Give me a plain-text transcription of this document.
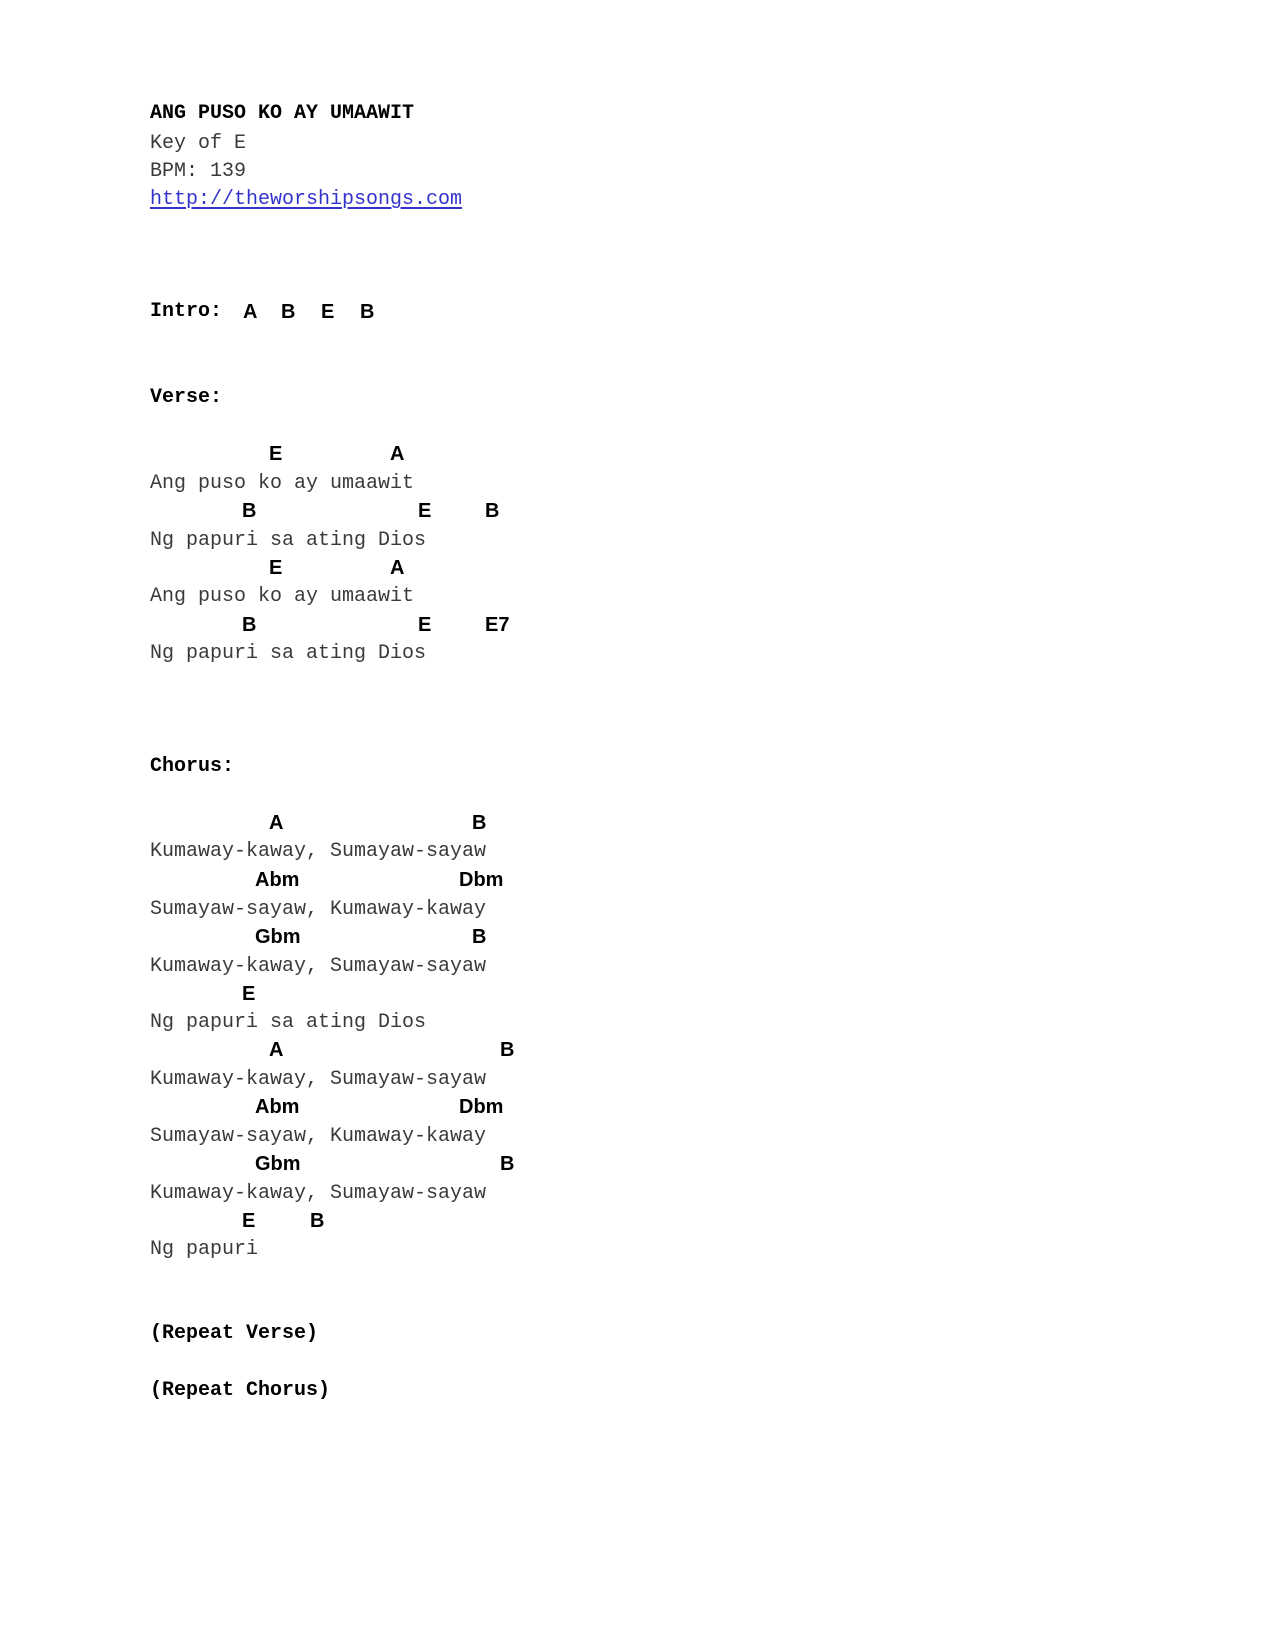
ANG PUSO KO AY UMAAWIT

Key of E

BPM: 139

http://theworshipsongs.com

Intro: A B E B

Verse:

E	A

Ang puso ko ay umaawit

B	E	B

Ng papuri sa ating Dios

E	A

Ang puso ko ay umaawit

B	E	E7

Ng papuri sa ating Dios

Chorus:

A	B

Kumaway-kaway, Sumayaw-sayaw

Abm	Dbm

Sumayaw-sayaw, Kumaway-kaway

Gbm	B

Kumaway-kaway, Sumayaw-sayaw

E

Ng papuri sa ating Dios

A	B

Kumaway-kaway, Sumayaw-sayaw

Abm	Dbm

Sumayaw-sayaw, Kumaway-kaway

Gbm	B

Kumaway-kaway, Sumayaw-sayaw

E	B

Ng papuri

(Repeat Verse)

(Repeat Chorus)
